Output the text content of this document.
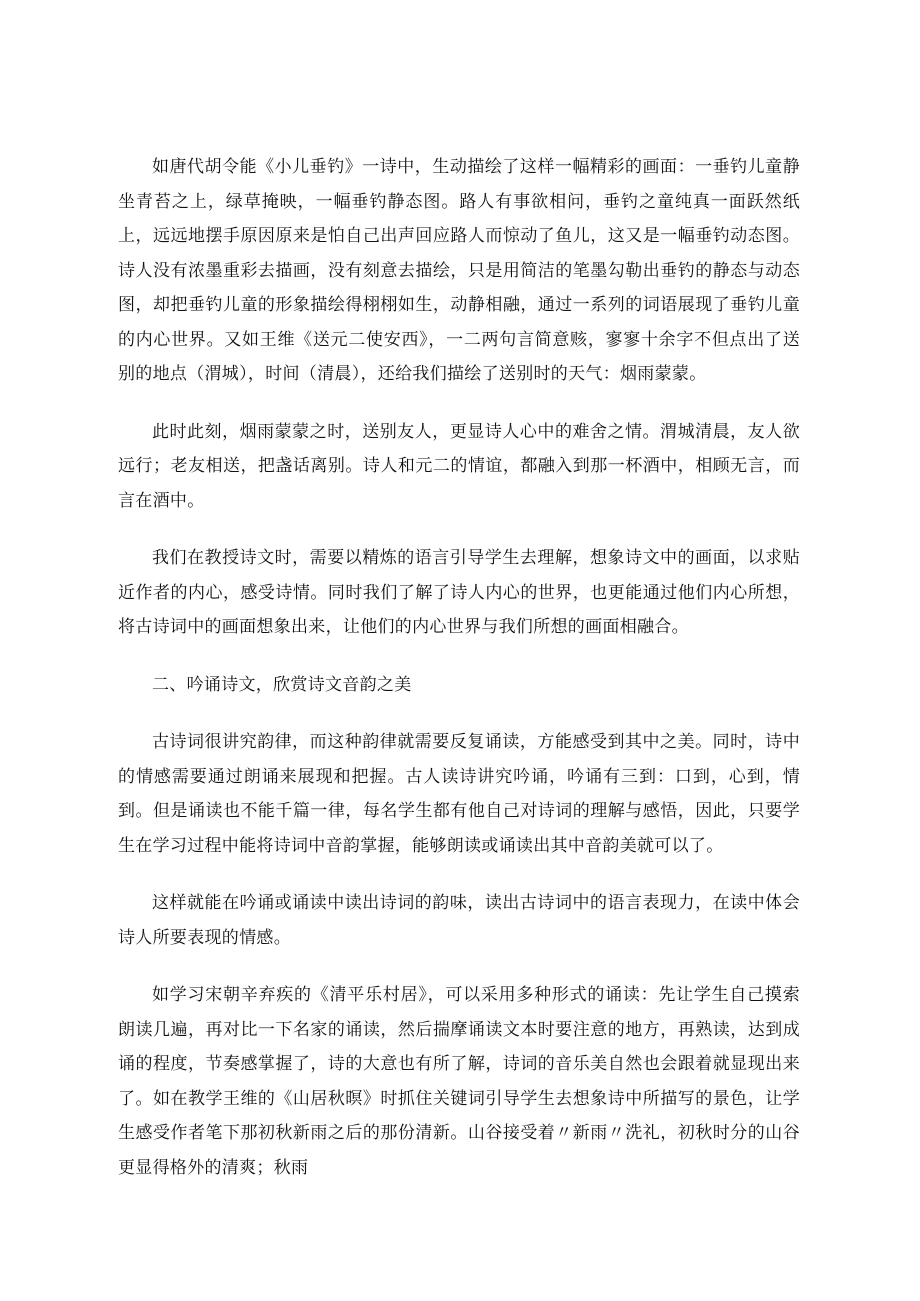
如唐代胡令能《小儿垂钓》一诗中，生动描绘了这样一幅精彩的画面：一垂钓儿童静坐青苔之上，绿草掩映，一幅垂钓静态图。路人有事欲相问，垂钓之童纯真一面跃然纸上，远远地摆手原因原来是怕自己出声回应路人而惊动了鱼儿，这又是一幅垂钓动态图。诗人没有浓墨重彩去描画，没有刻意去描绘，只是用简洁的笔墨勾勒出垂钓的静态与动态图，却把垂钓儿童的形象描绘得栩栩如生，动静相融，通过一系列的词语展现了垂钓儿童的内心世界。又如王维《送元二使安西》，一二两句言简意赅，寥寥十余字不但点出了送别的地点（渭城），时间（清晨），还给我们描绘了送别时的天气：烟雨蒙蒙。

此时此刻，烟雨蒙蒙之时，送别友人，更显诗人心中的难舍之情。渭城清晨，友人欲远行；老友相送，把盏话离别。诗人和元二的情谊，都融入到那一杯酒中，相顾无言，而言在酒中。

我们在教授诗文时，需要以精炼的语言引导学生去理解，想象诗文中的画面，以求贴近作者的内心，感受诗情。同时我们了解了诗人内心的世界，也更能通过他们内心所想，将古诗词中的画面想象出来，让他们的内心世界与我们所想的画面相融合。

二、吟诵诗文，欣赏诗文音韵之美

古诗词很讲究韵律，而这种韵律就需要反复诵读，方能感受到其中之美。同时，诗中的情感需要通过朗诵来展现和把握。古人读诗讲究吟诵，吟诵有三到：口到，心到，情到。但是诵读也不能千篇一律，每名学生都有他自己对诗词的理解与感悟，因此，只要学生在学习过程中能将诗词中音韵掌握，能够朗读或诵读出其中音韵美就可以了。

这样就能在吟诵或诵读中读出诗词的韵味，读出古诗词中的语言表现力，在读中体会诗人所要表现的情感。

如学习宋朝辛弃疾的《清平乐村居》，可以采用多种形式的诵读：先让学生自己摸索朗读几遍，再对比一下名家的诵读，然后揣摩诵读文本时要注意的地方，再熟读，达到成诵的程度，节奏感掌握了，诗的大意也有所了解，诗词的音乐美自然也会跟着就显现出来了。如在教学王维的《山居秋暝》时抓住关键词引导学生去想象诗中所描写的景色，让学生感受作者笔下那初秋新雨之后的那份清新。山谷接受着〃新雨〃洗礼，初秋时分的山谷更显得格外的清爽；秋雨
